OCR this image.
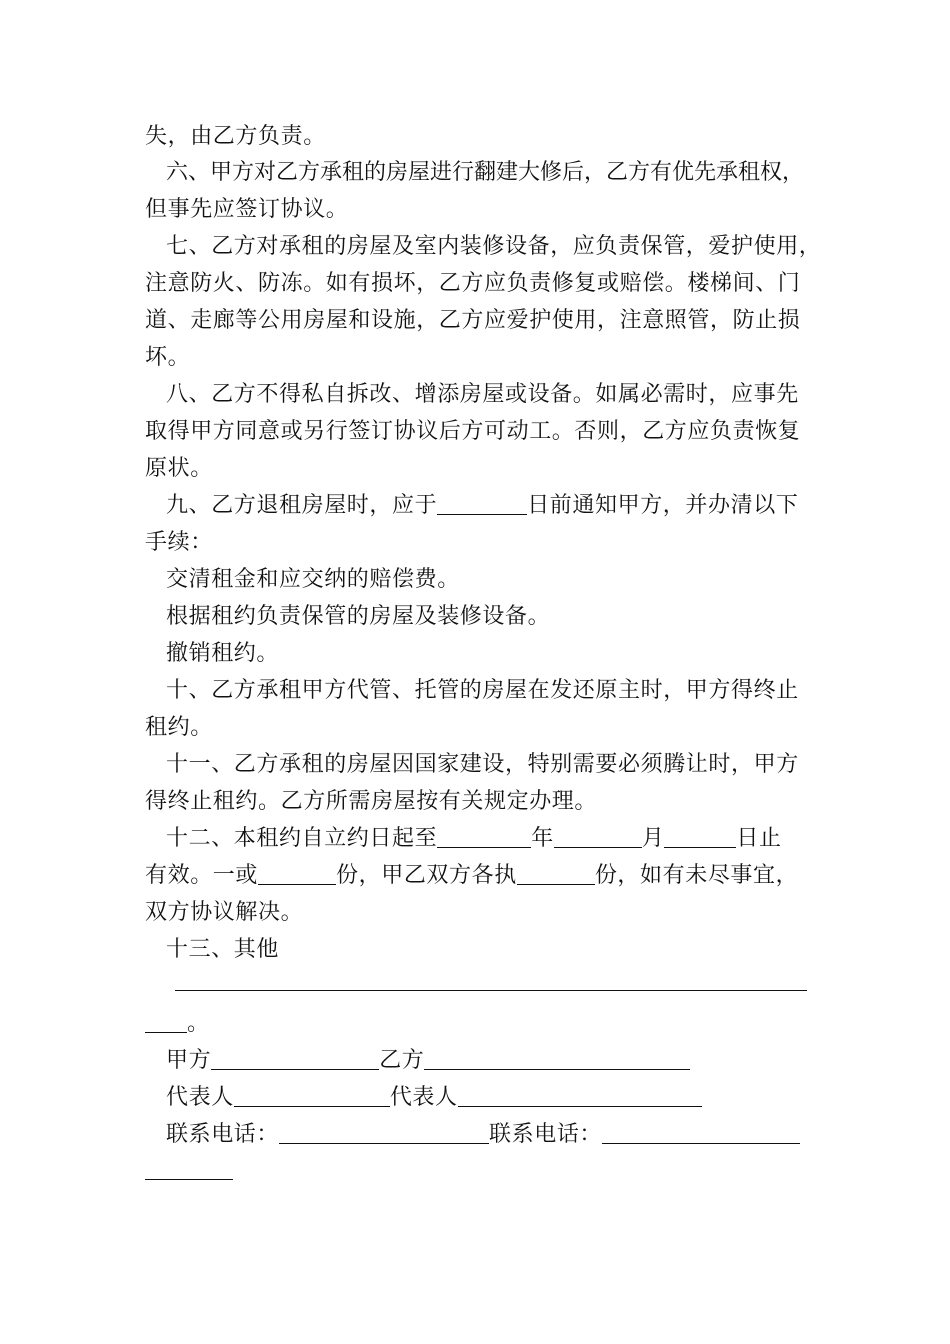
失，由乙方负责。
六、甲方对乙方承租的房屋进行翻建大修后，乙方有优先承租权，
但事先应签订协议。
七、乙方对承租的房屋及室内装修设备，应负责保管，爱护使用，
注意防火、防冻。如有损坏，乙方应负责修复或赔偿。楼梯间、门
道、走廊等公用房屋和设施，乙方应爱护使用，注意照管，防止损
坏。
八、乙方不得私自拆改、增添房屋或设备。如属必需时，应事先
取得甲方同意或另行签订协议后方可动工。否则，乙方应负责恢复
原状。
九、乙方退租房屋时，应于	日前通知甲方，并办清以下
手续：
交清租金和应交纳的赔偿费。
根据租约负责保管的房屋及装修设备。
撤销租约。
十、乙方承租甲方代管、托管的房屋在发还原主时，甲方得终止
租约。
十一、乙方承租的房屋因国家建设，特别需要必须腾让时，甲方
得终止租约。乙方所需房屋按有关规定办理。
十二、本租约自立约日起至	年	月	日止
有效。一或	份，甲乙双方各执	份，如有未尽事宜，
双方协议解决。
十三、其他
。
甲方	乙方
代表人	代表人
联系电话：	联系电话：
